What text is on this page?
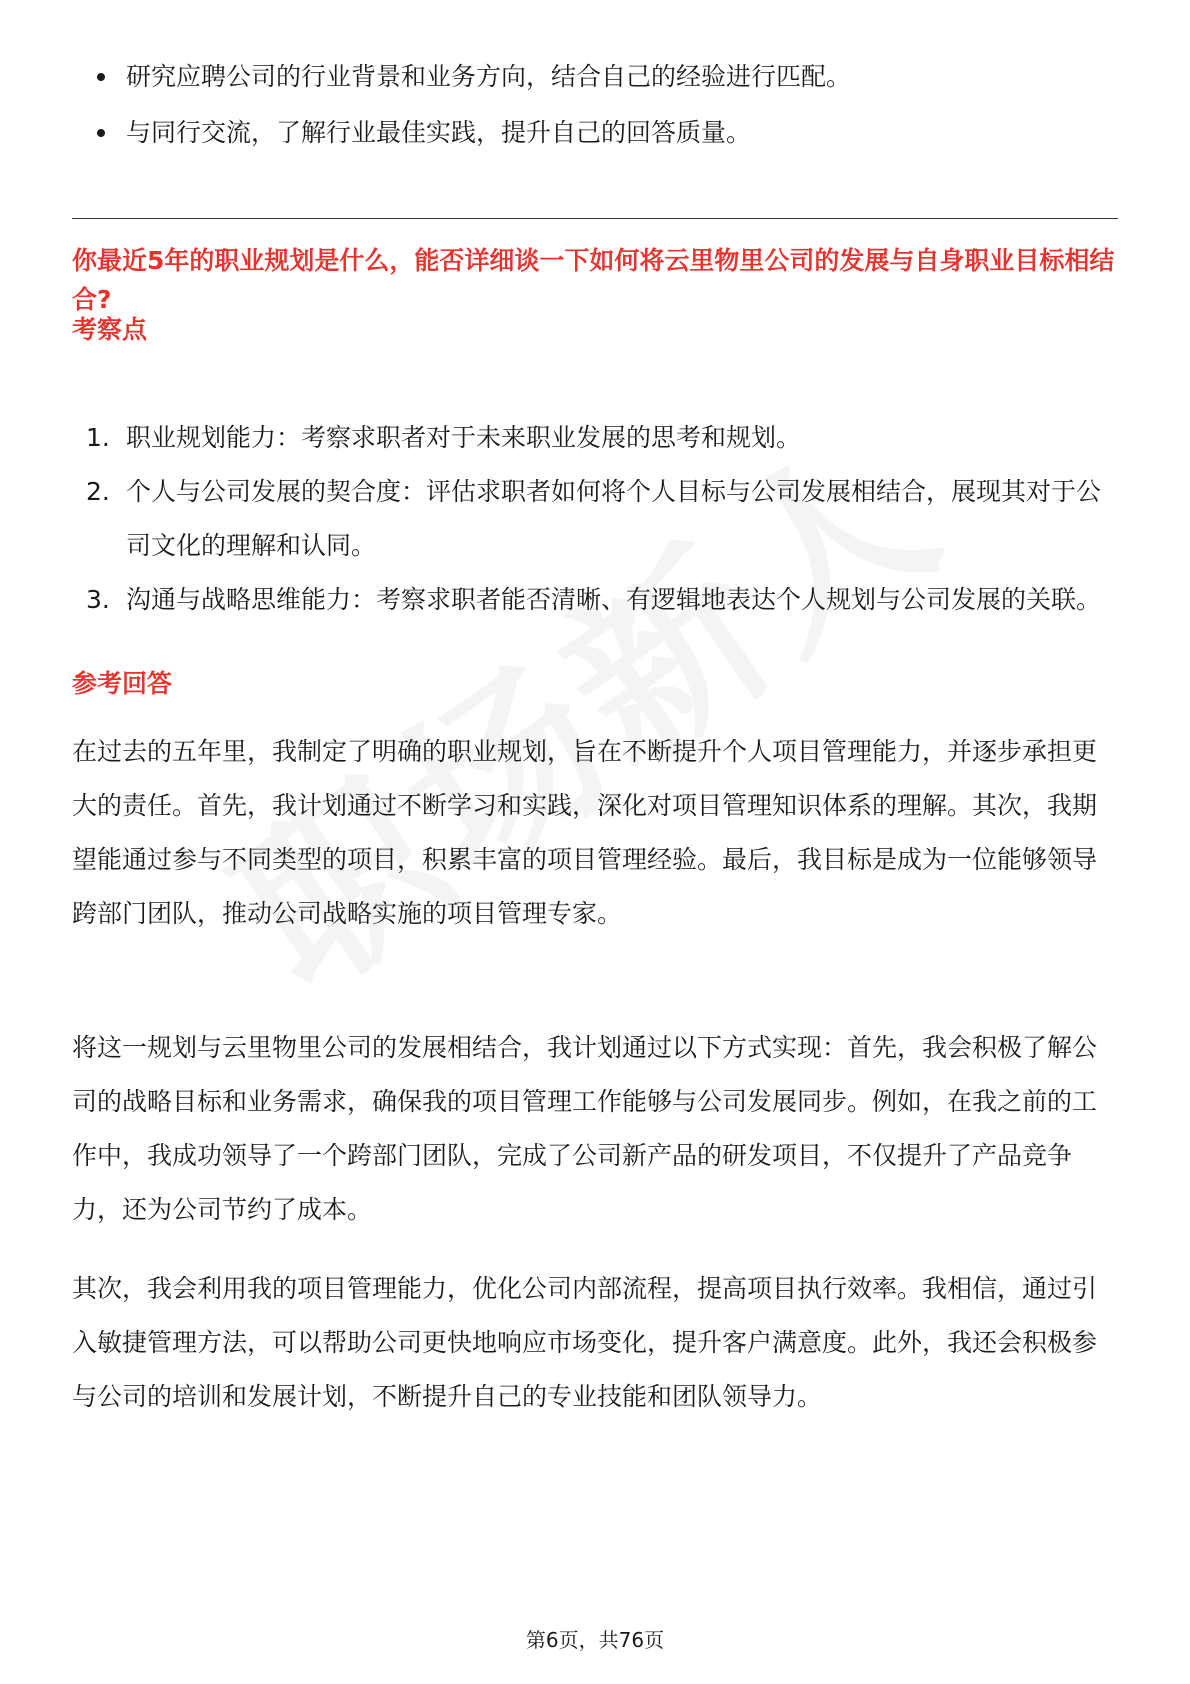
研究应聘公司的行业背景和业务方向，结合自己的经验进行匹配。
与同行交流，了解行业最佳实践，提升自己的回答质量。
你最近5年的职业规划是什么，能否详细谈一下如何将云里物里公司的发展与自身职业目标相结合?
考察点
1. 职业规划能力：考察求职者对于未来职业发展的思考和规划。
2. 个人与公司发展的契合度：评估求职者如何将个人目标与公司发展相结合，展现其对于公司文化的理解和认同。
3. 沟通与战略思维能力：考察求职者能否清晰、有逻辑地表达个人规划与公司发展的关联。
参考回答
在过去的五年里，我制定了明确的职业规划，旨在不断提升个人项目管理能力，并逐步承担更大的责任。首先，我计划通过不断学习和实践，深化对项目管理知识体系的理解。其次，我期望能通过参与不同类型的项目，积累丰富的项目管理经验。最后，我目标是成为一位能够领导跨部门团队，推动公司战略实施的项目管理专家。
将这一规划与云里物里公司的发展相结合，我计划通过以下方式实现：首先，我会积极了解公司的战略目标和业务需求，确保我的项目管理工作能够与公司发展同步。例如，在我之前的工作中，我成功领导了一个跨部门团队，完成了公司新产品的研发项目，不仅提升了产品竞争力，还为公司节约了成本。
其次，我会利用我的项目管理能力，优化公司内部流程，提高项目执行效率。我相信，通过引入敏捷管理方法，可以帮助公司更快地响应市场变化，提升客户满意度。此外，我还会积极参与公司的培训和发展计划，不断提升自己的专业技能和团队领导力。
第6页，共76页
